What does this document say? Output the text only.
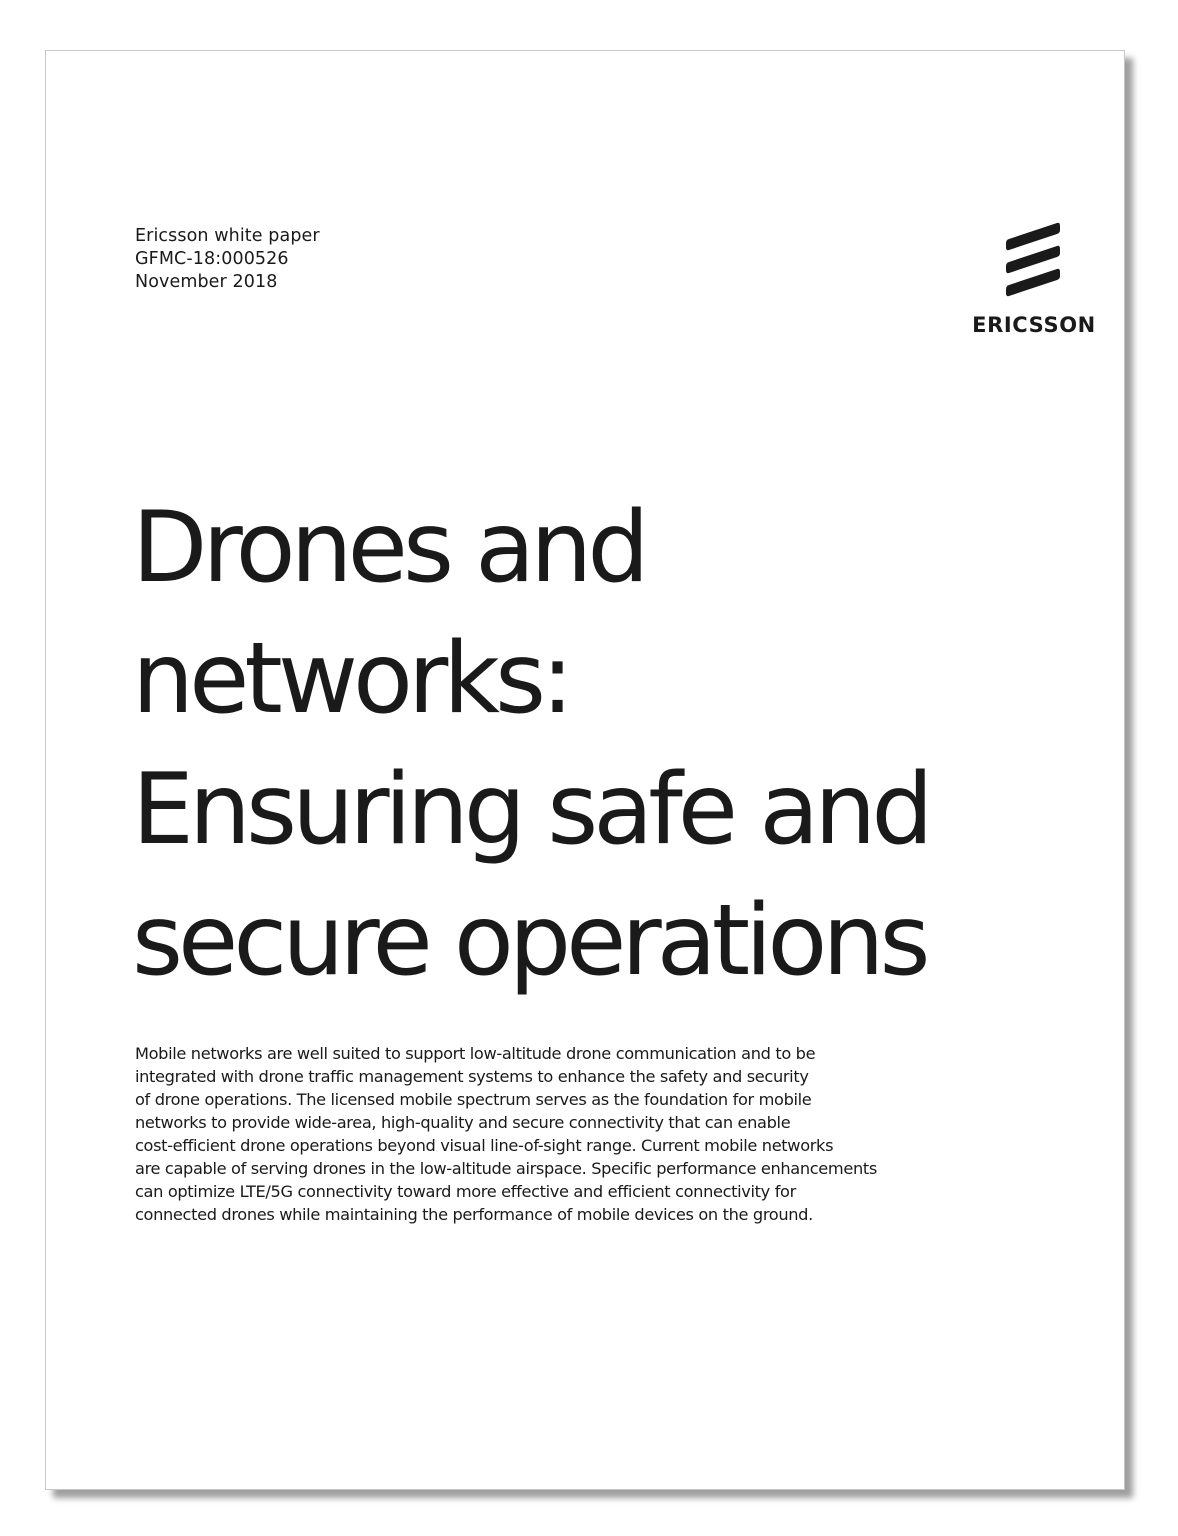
Ericsson white paper
GFMC-18:000526
November 2018
ERICSSON
Drones and
networks:
Ensuring safe and
secure operations
Mobile networks are well suited to support low-altitude drone communication and to be
integrated with drone traffic management systems to enhance the safety and security
of drone operations. The licensed mobile spectrum serves as the foundation for mobile
networks to provide wide-area, high-quality and secure connectivity that can enable
cost-efficient drone operations beyond visual line-of-sight range. Current mobile networks
are capable of serving drones in the low-altitude airspace. Specific performance enhancements
can optimize LTE/5G connectivity toward more effective and efficient connectivity for
connected drones while maintaining the performance of mobile devices on the ground.
